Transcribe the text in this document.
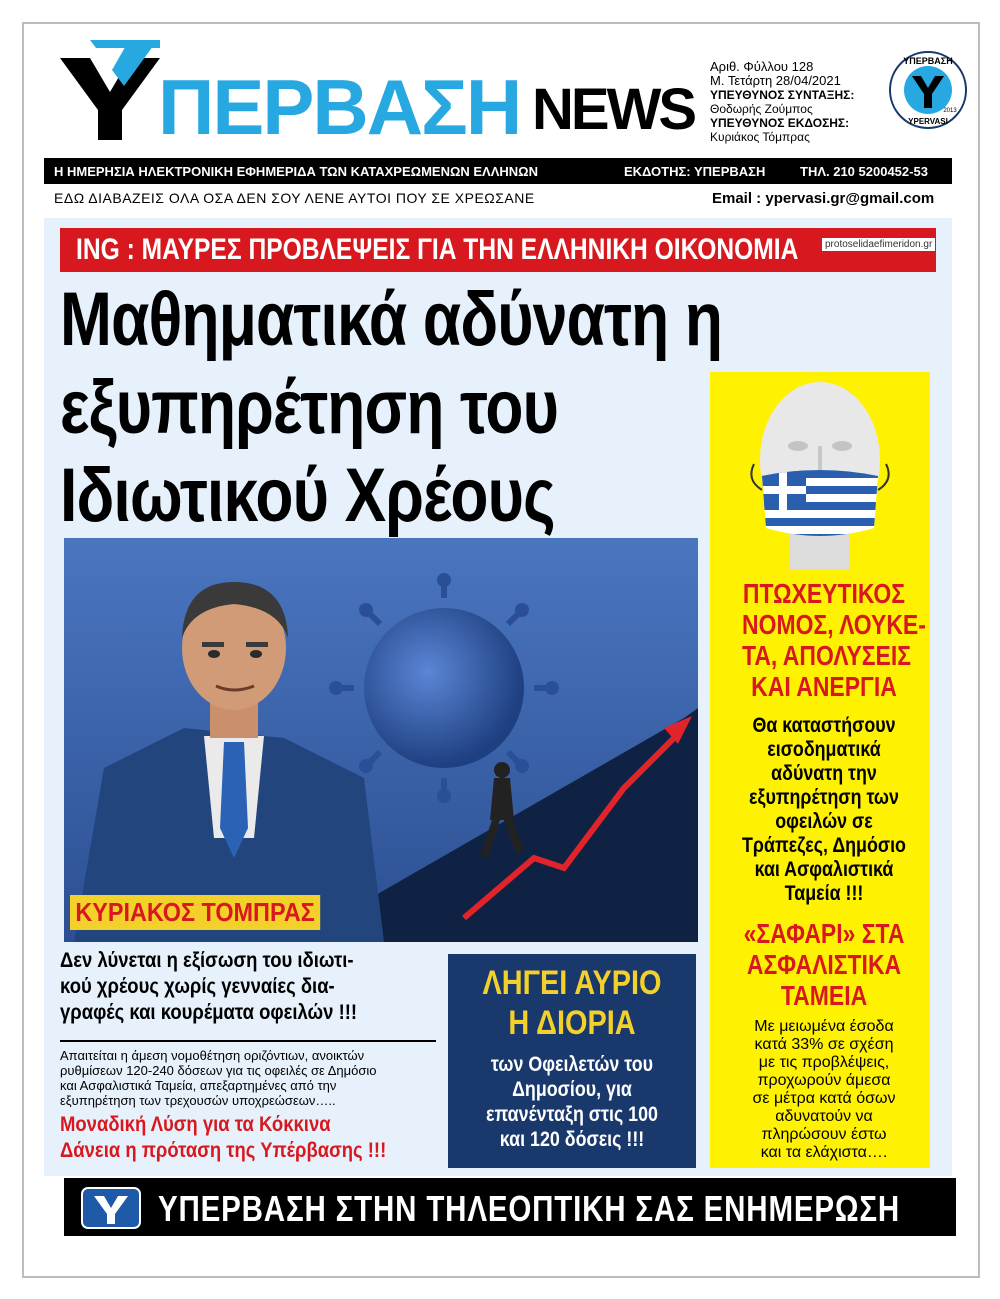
ΠΕΡΒΑΣΗ NEWS
Αριθ. Φύλλου 128
Μ. Τετάρτη 28/04/2021
ΥΠΕΥΘΥΝΟΣ ΣΥΝΤΑΞΗΣ:
Θοδωρής Ζούμπος
ΥΠΕΥΘΥΝΟΣ ΕΚΔΟΣΗΣ:
Κυριάκος Τόμπρας
ΥΠΕΡΒΑΣΗ
YPERVASI
2013
Η ΗΜΕΡΗΣΙΑ ΗΛΕΚΤΡΟΝΙΚΗ ΕΦΗΜΕΡΙΔΑ ΤΩΝ ΚΑΤΑΧΡΕΩΜΕΝΩΝ ΕΛΛΗΝΩΝ	ΕΚΔΟΤΗΣ: ΥΠΕΡΒΑΣΗ	ΤΗΛ. 210 5200452-53
ΕΔΩ ΔΙΑΒΑΖΕΙΣ ΟΛΑ ΟΣΑ ΔΕΝ ΣΟΥ ΛΕΝΕ ΑΥΤΟΙ ΠΟΥ ΣΕ ΧΡΕΩΣΑΝΕ	Email : ypervasi.gr@gmail.com
ING : ΜΑΥΡΕΣ ΠΡΟΒΛΕΨΕΙΣ ΓΙΑ ΤΗΝ ΕΛΛΗΝΙΚΗ ΟΙΚΟΝΟΜΙΑ	protoselidaefimeridon.gr
Μαθηματικά αδύνατη η
εξυπηρέτηση του
Ιδιωτικού Χρέους
ΚΥΡΙΑΚΟΣ ΤΟΜΠΡΑΣ
Δεν λύνεται η εξίσωση του ιδιωτι-
κού χρέους χωρίς γενναίες δια-
γραφές και κουρέματα οφειλών !!!
Απαιτείται η άμεση νομοθέτηση οριζόντιων, ανοικτών
ρυθμίσεων 120-240 δόσεων για τις οφειλές σε Δημόσιο
και Ασφαλιστικά Ταμεία, απεξαρτημένες από την
εξυπηρέτηση των τρεχουσών υποχρεώσεων…..
Μοναδική Λύση για τα Κόκκινα
Δάνεια η πρόταση της Υπέρβασης !!!
ΛΗΓΕΙ ΑΥΡΙΟ
Η ΔΙΟΡΙΑ
των Οφειλετών του
Δημοσίου, για
επανένταξη στις 100
και 120 δόσεις !!!
ΠΤΩΧΕΥΤΙΚΟΣ
ΝΟΜΟΣ, ΛΟΥΚΕ-
ΤΑ, ΑΠΟΛΥΣΕΙΣ
ΚΑΙ ΑΝΕΡΓΙΑ
Θα καταστήσουν
εισοδηματικά
αδύνατη την
εξυπηρέτηση των
οφειλών σε
Τράπεζες, Δημόσιο
και Ασφαλιστικά
Ταμεία !!!
«ΣΑΦΑΡΙ» ΣΤΑ
ΑΣΦΑΛΙΣΤΙΚΑ
ΤΑΜΕΙΑ
Με μειωμένα έσοδα
κατά 33% σε σχέση
με τις προβλέψεις,
προχωρούν άμεσα
σε μέτρα κατά όσων
αδυνατούν να
πληρώσουν έστω
και τα ελάχιστα….
ΥΠΕΡΒΑΣΗ ΣΤΗΝ ΤΗΛΕΟΠΤΙΚΗ ΣΑΣ ΕΝΗΜΕΡΩΣΗ
